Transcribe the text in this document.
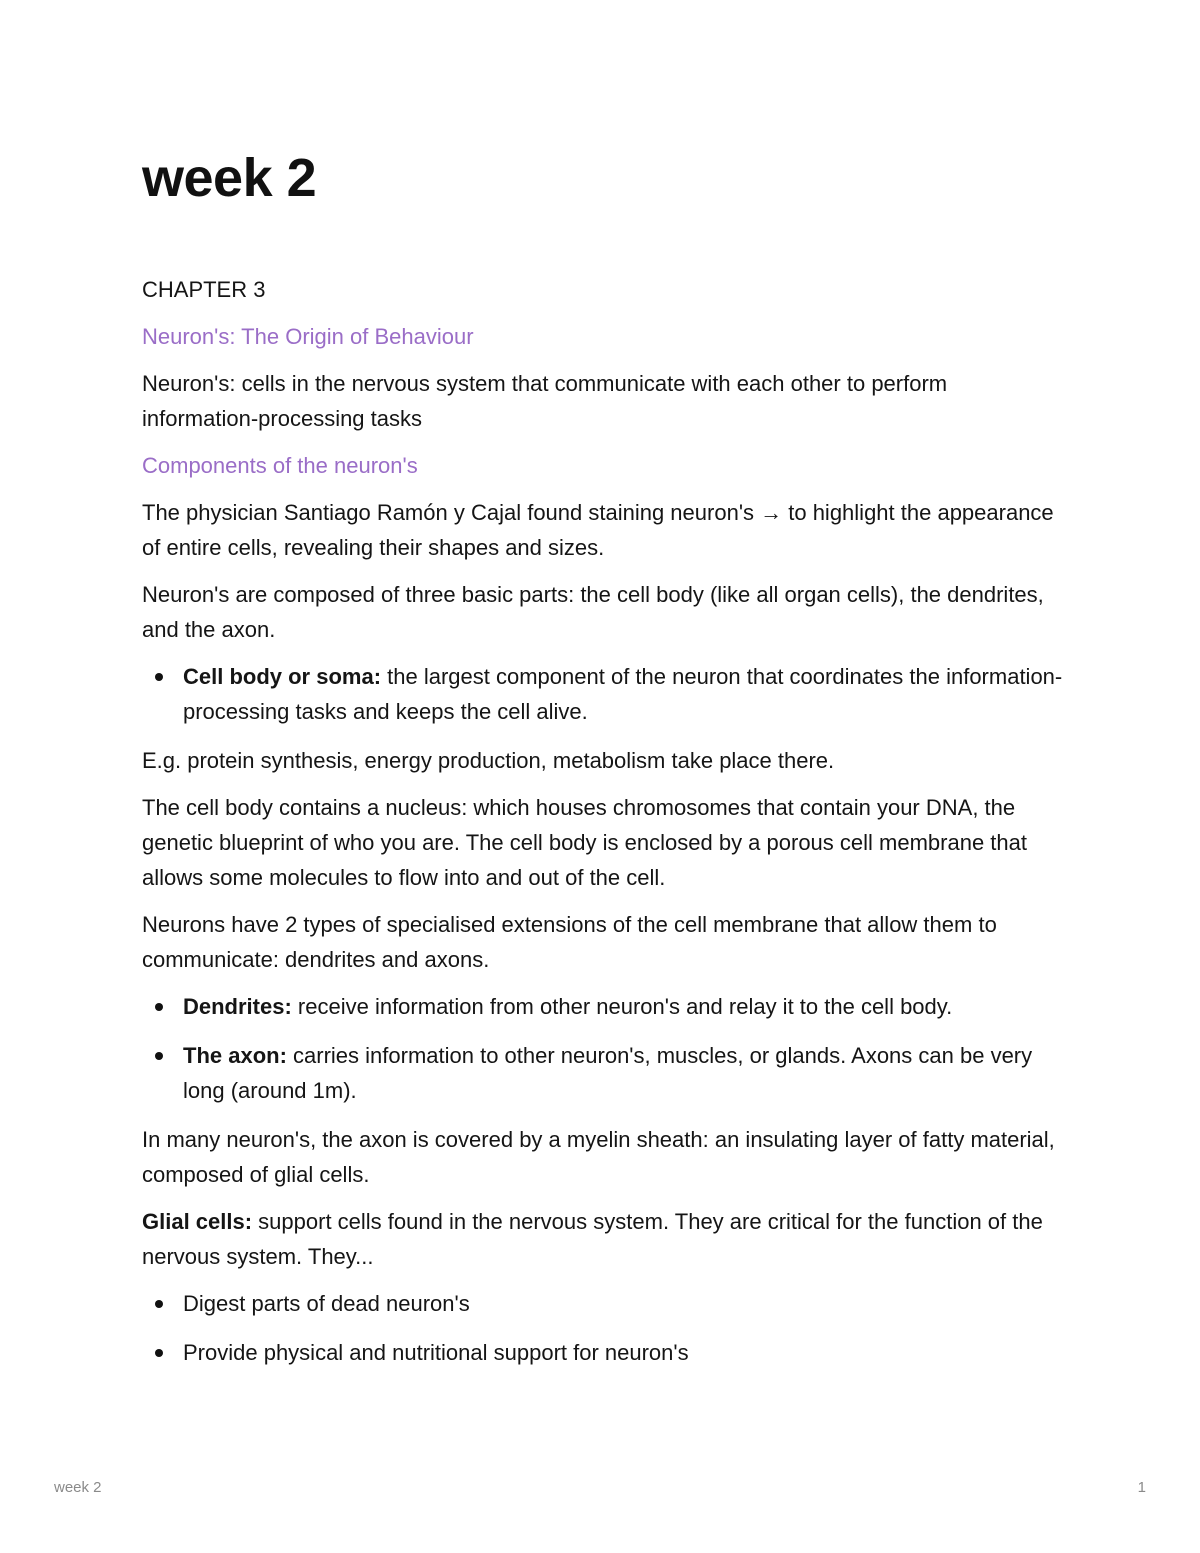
week 2

CHAPTER 3

Neuron's: The Origin of Behaviour

Neuron's: cells in the nervous system that communicate with each other to perform information-processing tasks

Components of the neuron's

The physician Santiago Ramón y Cajal found staining neuron's → to highlight the appearance of entire cells, revealing their shapes and sizes.

Neuron's are composed of three basic parts: the cell body (like all organ cells), the dendrites, and the axon.

Cell body or soma: the largest component of the neuron that coordinates the information-processing tasks and keeps the cell alive.

E.g. protein synthesis, energy production, metabolism take place there.

The cell body contains a nucleus: which houses chromosomes that contain your DNA, the genetic blueprint of who you are. The cell body is enclosed by a porous cell membrane that allows some molecules to flow into and out of the cell.

Neurons have 2 types of specialised extensions of the cell membrane that allow them to communicate: dendrites and axons.

Dendrites: receive information from other neuron's and relay it to the cell body.
The axon: carries information to other neuron's, muscles, or glands. Axons can be very long (around 1m).

In many neuron's, the axon is covered by a myelin sheath: an insulating layer of fatty material, composed of glial cells.

Glial cells: support cells found in the nervous system. They are critical for the function of the nervous system. They...

Digest parts of dead neuron's
Provide physical and nutritional support for neuron's
week 2	1
